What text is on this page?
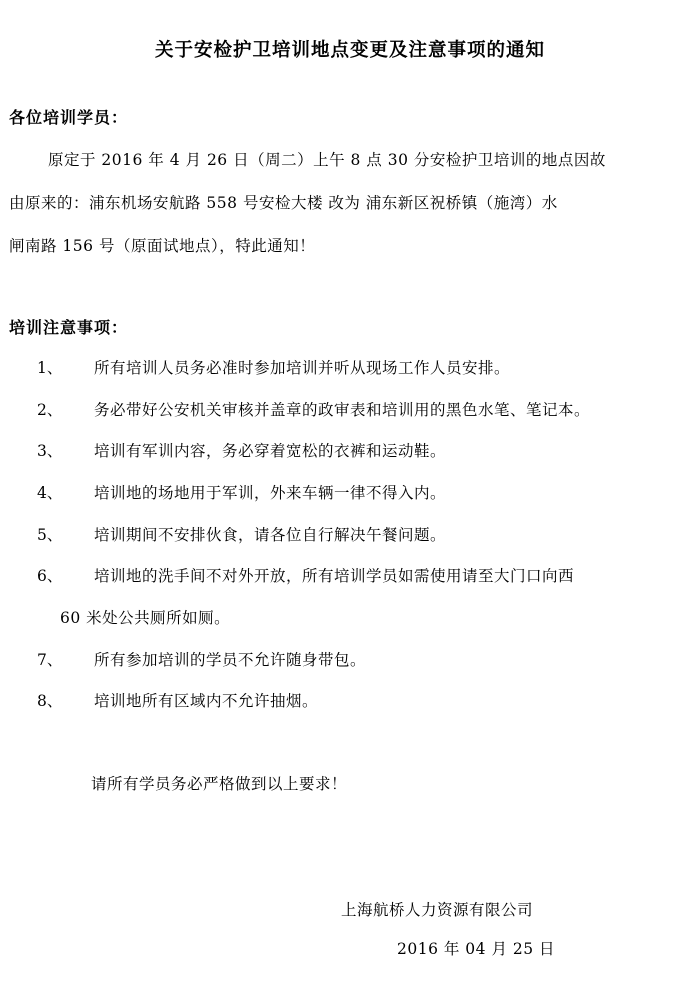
关于安检护卫培训地点变更及注意事项的通知
各位培训学员：
原定于 2016 年 4 月 26 日（周二）上午 8 点 30 分安检护卫培训的地点因故
由原来的：浦东机场安航路 558 号安检大楼 改为 浦东新区祝桥镇（施湾）水
闸南路 156 号（原面试地点），特此通知！
培训注意事项：
1、 所有培训人员务必准时参加培训并听从现场工作人员安排。
2、 务必带好公安机关审核并盖章的政审表和培训用的黑色水笔、笔记本。
3、 培训有军训内容，务必穿着宽松的衣裤和运动鞋。
4、 培训地的场地用于军训，外来车辆一律不得入内。
5、 培训期间不安排伙食，请各位自行解决午餐问题。
6、 培训地的洗手间不对外开放，所有培训学员如需使用请至大门口向西
60 米处公共厕所如厕。
7、 所有参加培训的学员不允许随身带包。
8、 培训地所有区域内不允许抽烟。
请所有学员务必严格做到以上要求！
上海航桥人力资源有限公司
2016 年 04 月 25 日
